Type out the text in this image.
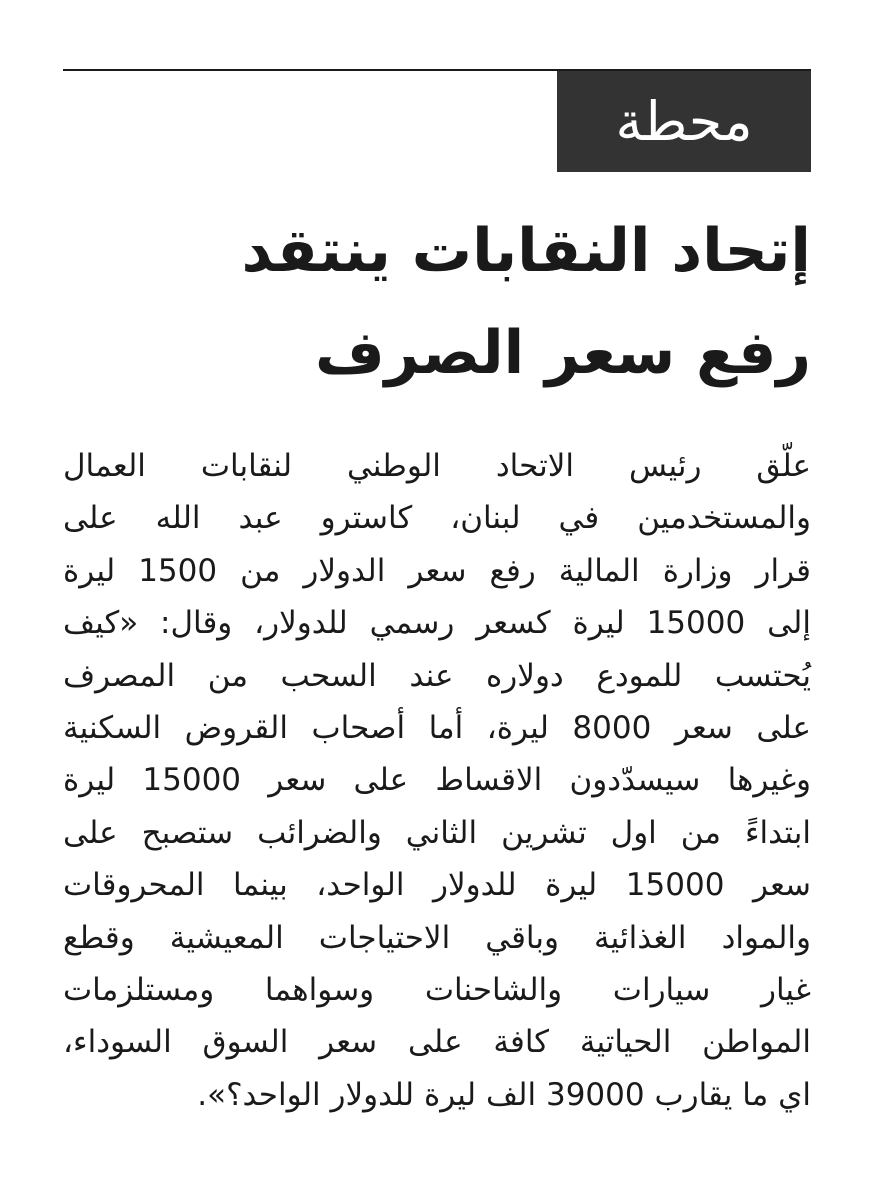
محطة
إتحاد النقابات ينتقد
رفع سعر الصرف
علّق رئيس الاتحاد الوطني لنقابات العمال
والمستخدمين في لبنان، كاسترو عبد الله على
قرار وزارة المالية رفع سعر الدولار من 1500 ليرة
إلى 15000 ليرة كسعر رسمي للدولار، وقال: «كيف
يُحتسب للمودع دولاره عند السحب من المصرف
على سعر 8000 ليرة، أما أصحاب القروض السكنية
وغيرها سيسدّدون الاقساط على سعر 15000 ليرة
ابتداءً من اول تشرين الثاني والضرائب ستصبح على
سعر 15000 ليرة للدولار الواحد، بينما المحروقات
والمواد الغذائية وباقي الاحتياجات المعيشية وقطع
غيار سيارات والشاحنات وسواهما ومستلزمات
المواطن الحياتية كافة على سعر السوق السوداء،
اي ما يقارب 39000 الف ليرة للدولار الواحد؟».
